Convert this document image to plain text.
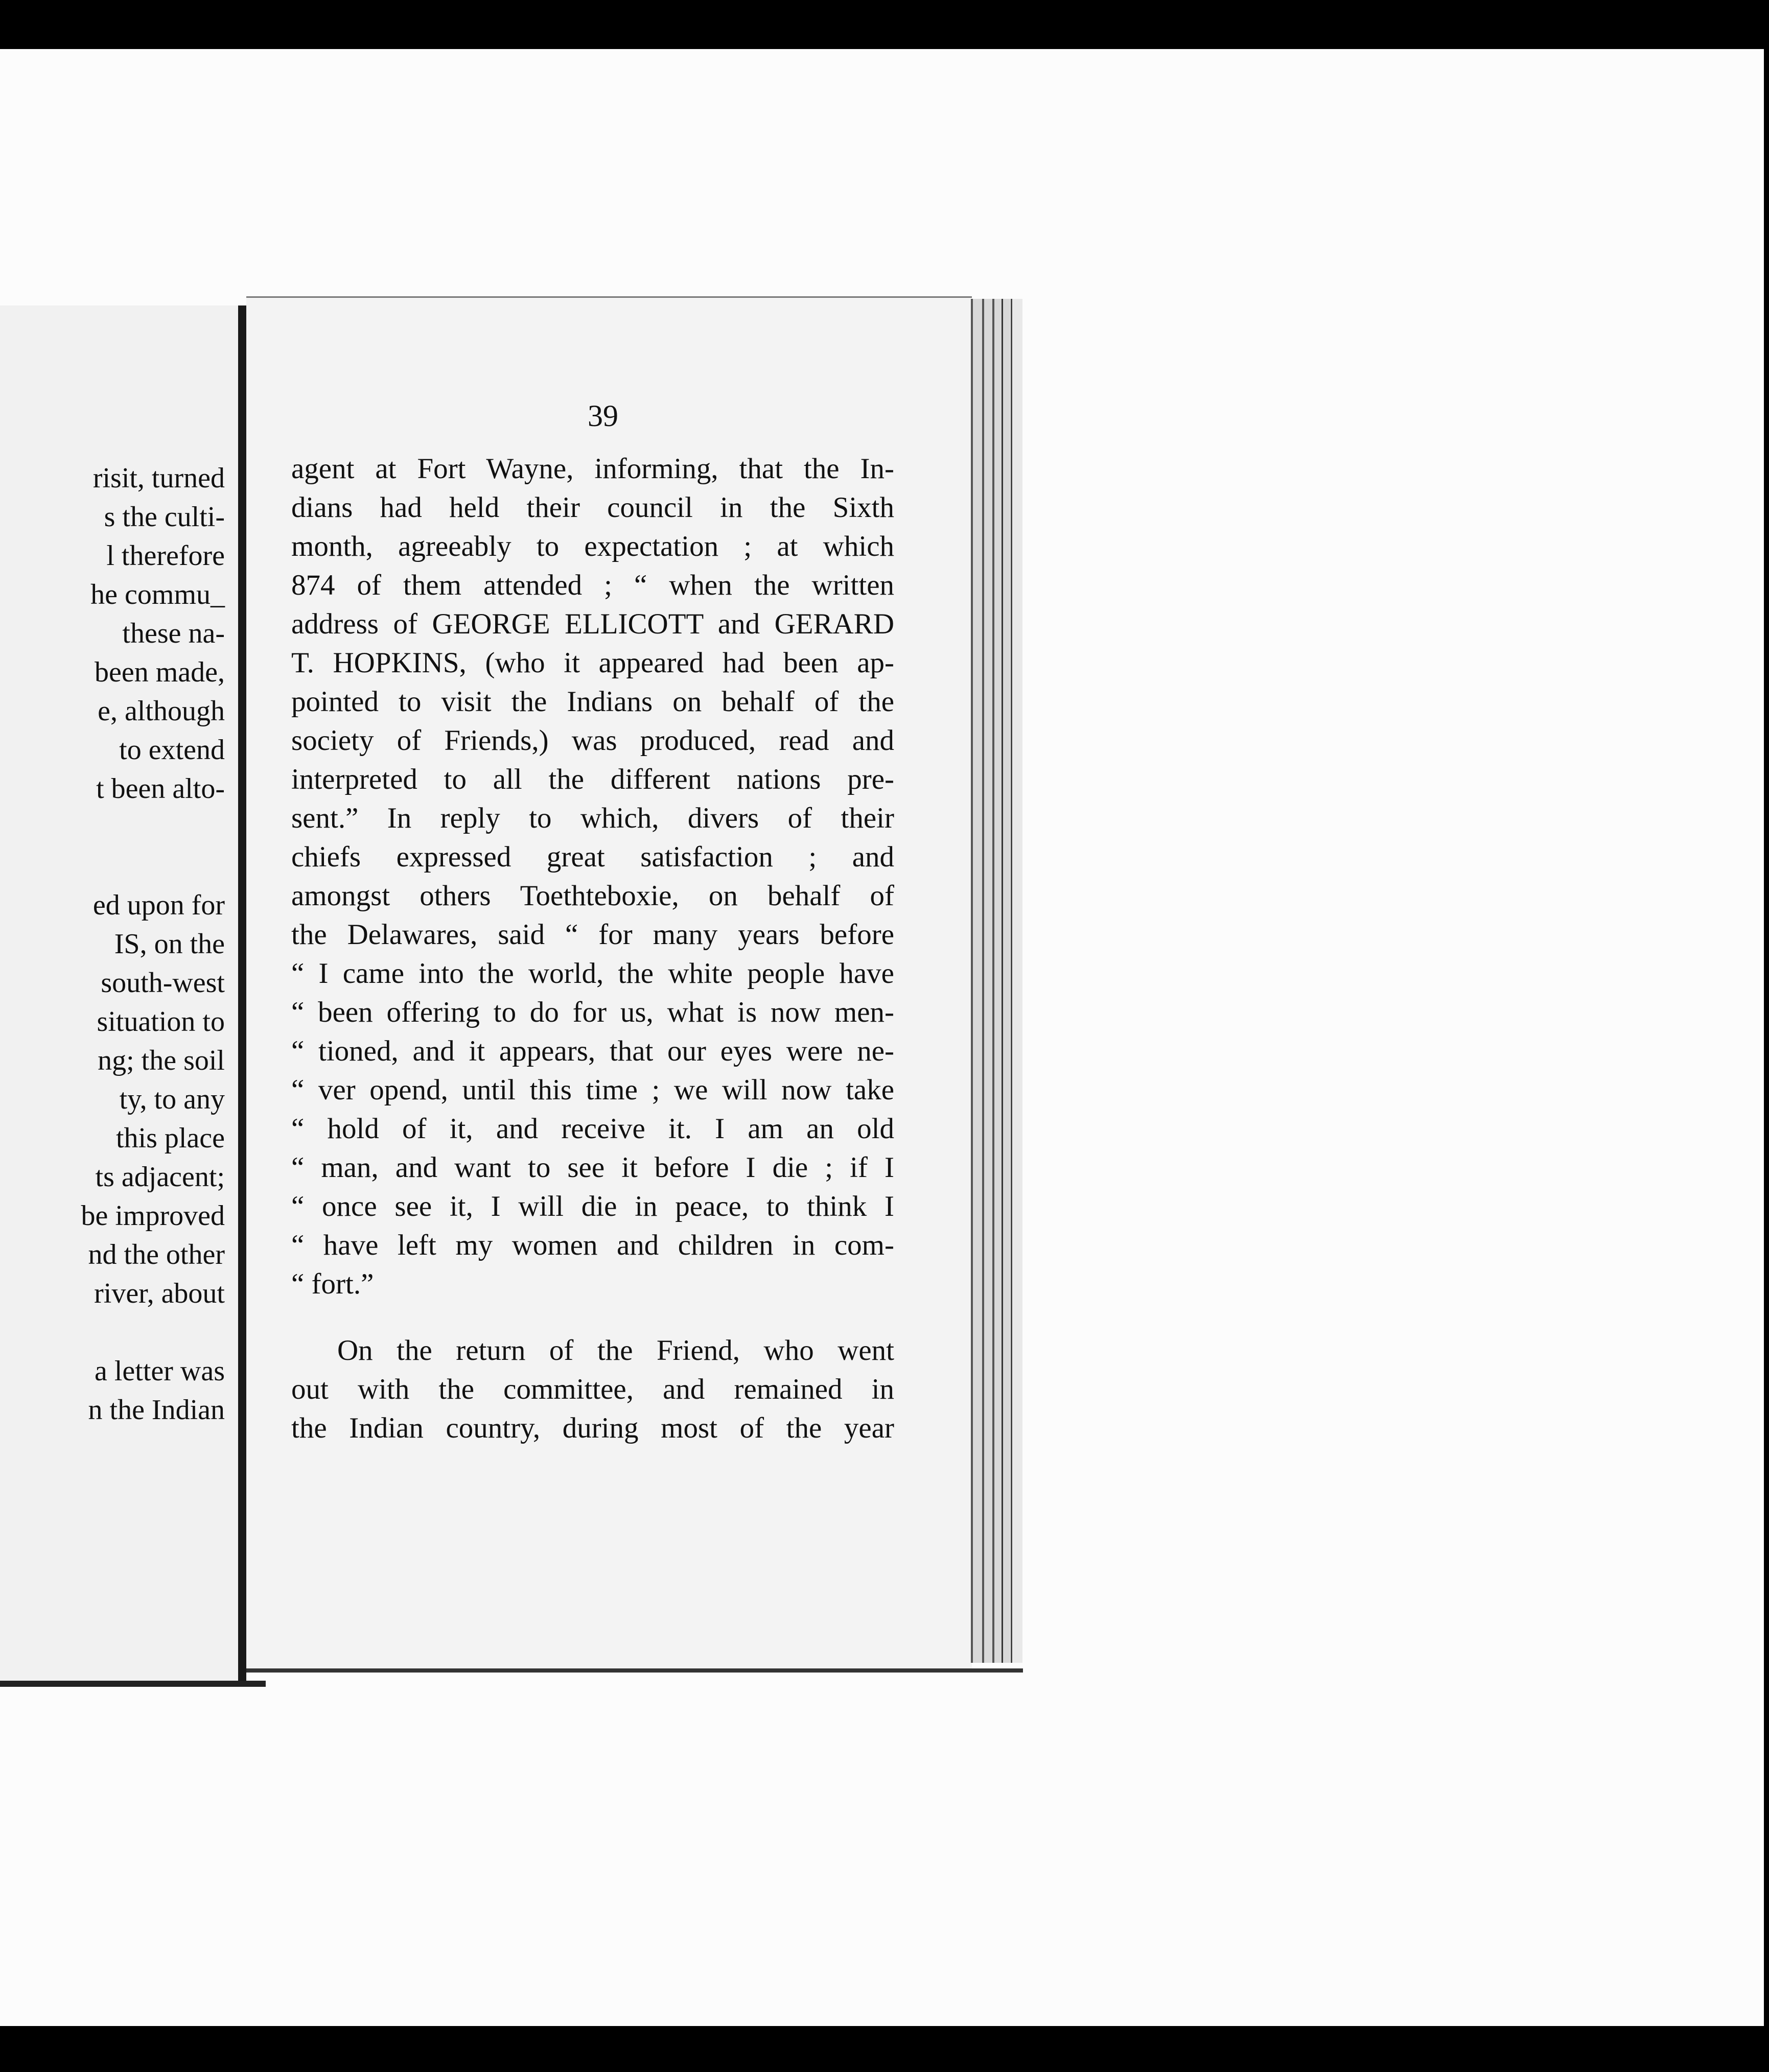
risit, turned
s the culti-
l therefore
he commu_
these na-
been made,
e, although
to extend
t been alto-
ed upon for
IS, on the
south-west
situation to
ng; the soil
ty, to any
this place
ts adjacent;
be improved
nd the other
river, about
a letter was
n the Indian
39
agent at Fort Wayne, informing, that the In-
dians had held their council in the Sixth
month, agreeably to expectation ; at which
874 of them attended ; “ when the written
address of GEORGE ELLICOTT and GERARD
T. HOPKINS, (who it appeared had been ap-
pointed to visit the Indians on behalf of the
society of Friends,) was produced, read and
interpreted to all the different nations pre-
sent.” In reply to which, divers of their
chiefs expressed great satisfaction ; and
amongst others Toethteboxie, on behalf of
the Delawares, said “ for many years before
“ I came into the world, the white people have
“ been offering to do for us, what is now men-
“ tioned, and it appears, that our eyes were ne-
“ ver opend, until this time ; we will now take
“ hold of it, and receive it. I am an old
“ man, and want to see it before I die ; if I
“ once see it, I will die in peace, to think I
“ have left my women and children in com-
“ fort.”
On the return of the Friend, who went
out with the committee, and remained in
the Indian country, during most of the year
